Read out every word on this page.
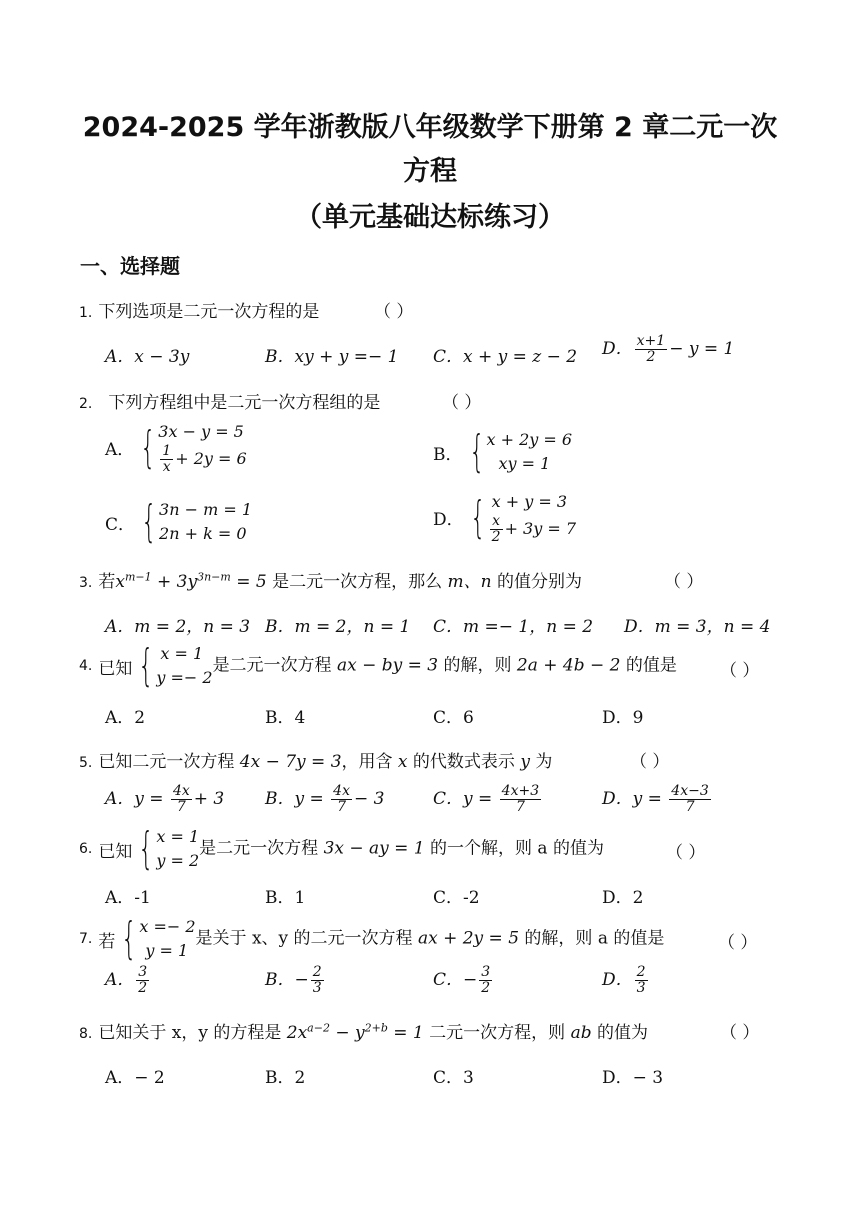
2024-2025 学年浙教版八年级数学下册第 2 章二元一次
方程
（单元基础达标练习）
一、选择题
1. 下列选项是二元一次方程的是	（ ）
A．x − 3y	B．xy + y =− 1 C．x + y = z − 2 D． $\frac{x+1}{2} - y = 1$
2. 下列方程组中是二元一次方程组的是	（ ）
A． { 3x − y = 5
$\frac{1}{x} + 2y = 6$	B． { x + 2y = 6
xy = 1
C． { 3n − m = 1
2n + k = 0
D． { x + y = 3
$\frac{x}{2} + 3y = 7$
3. 若$x^{m-1} + 3y^{3n-m} = 5$ 是二元一次方程，那么 m、n 的值分别为	（ ）
A．m = 2，n = 3 B．m = 2，n = 1 C．m =− 1，n = 2 D．m = 3，n = 4
4. 已知 { x = 1
y =− 2
是二元一次方程 ax − by = 3 的解，则 2a + 4b − 2 的值是	（ ）
A．2	B．4	C．6	D．9
5. 已知二元一次方程 4x − 7y = 3，用含 x 的代数式表示 y 为	（ ）
A．$y = \frac{4x}{7} + 3$ B．$y = \frac{4x}{7} - 3$	C．$y = \frac{4x+3}{7}$	D．$y = \frac{4x-3}{7}$
6. 已知 { x = 1
y = 2
是二元一次方程 3x − ay = 1 的一个解，则 a 的值为	（ ）
A．-1	B．1	C．-2	D．2
7. 若 { x =− 2
y = 1
是关于 x、y 的二元一次方程 ax + 2y = 5 的解，则 a 的值是	（ ）
A． $\frac{3}{2}$	B．− $\frac{2}{3}$	C．− $\frac{3}{2}$	D． $\frac{2}{3}$
8. 已知关于 x，y 的方程是 $2x^{a-2} - y^{2+b} = 1$ 二元一次方程，则 ab 的值为	（ ）
A．− 2	B．2	C．3	D．− 3
